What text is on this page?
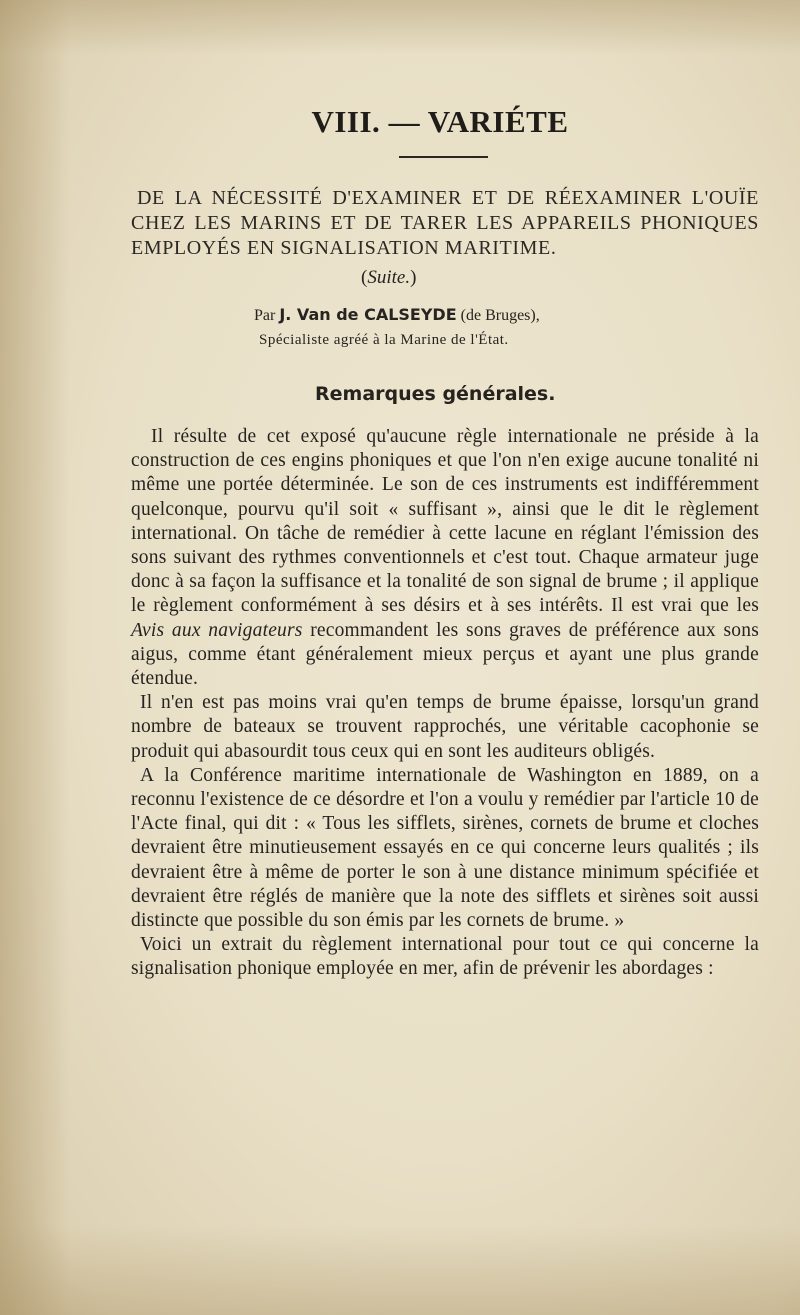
VIII. — VARIÉTE

DE LA NÉCESSITÉ D'EXAMINER ET DE RÉEXAMINER L'OUÏE CHEZ LES MARINS ET DE TARER LES APPAREILS PHONIQUES EMPLOYÉS EN SIGNALISATION MARITIME.

(Suite.)

Par J. Van de CALSEYDE (de Bruges),

Spécialiste agréé à la Marine de l'État.

Remarques générales.

Il résulte de cet exposé qu'aucune règle internationale ne préside à la construction de ces engins phoniques et que l'on n'en exige aucune tonalité ni même une portée déterminée. Le son de ces instruments est indifféremment quelconque, pourvu qu'il soit « suffisant », ainsi que le dit le règlement international. On tâche de remédier à cette lacune en réglant l'émission des sons suivant des rythmes conventionnels et c'est tout. Chaque armateur juge donc à sa façon la suffisance et la tonalité de son signal de brume ; il applique le règlement conformément à ses désirs et à ses intérêts. Il est vrai que les Avis aux navigateurs recommandent les sons graves de préférence aux sons aigus, comme étant généralement mieux perçus et ayant une plus grande étendue.

Il n'en est pas moins vrai qu'en temps de brume épaisse, lorsqu'un grand nombre de bateaux se trouvent rapprochés, une véritable cacophonie se produit qui abasourdit tous ceux qui en sont les auditeurs obligés.

A la Conférence maritime internationale de Washington en 1889, on a reconnu l'existence de ce désordre et l'on a voulu y remédier par l'article 10 de l'Acte final, qui dit : « Tous les sifflets, sirènes, cornets de brume et cloches devraient être minutieusement essayés en ce qui concerne leurs qualités ; ils devraient être à même de porter le son à une distance minimum spécifiée et devraient être réglés de manière que la note des sifflets et sirènes soit aussi distincte que possible du son émis par les cornets de brume. »

Voici un extrait du règlement international pour tout ce qui concerne la signalisation phonique employée en mer, afin de prévenir les abordages :
